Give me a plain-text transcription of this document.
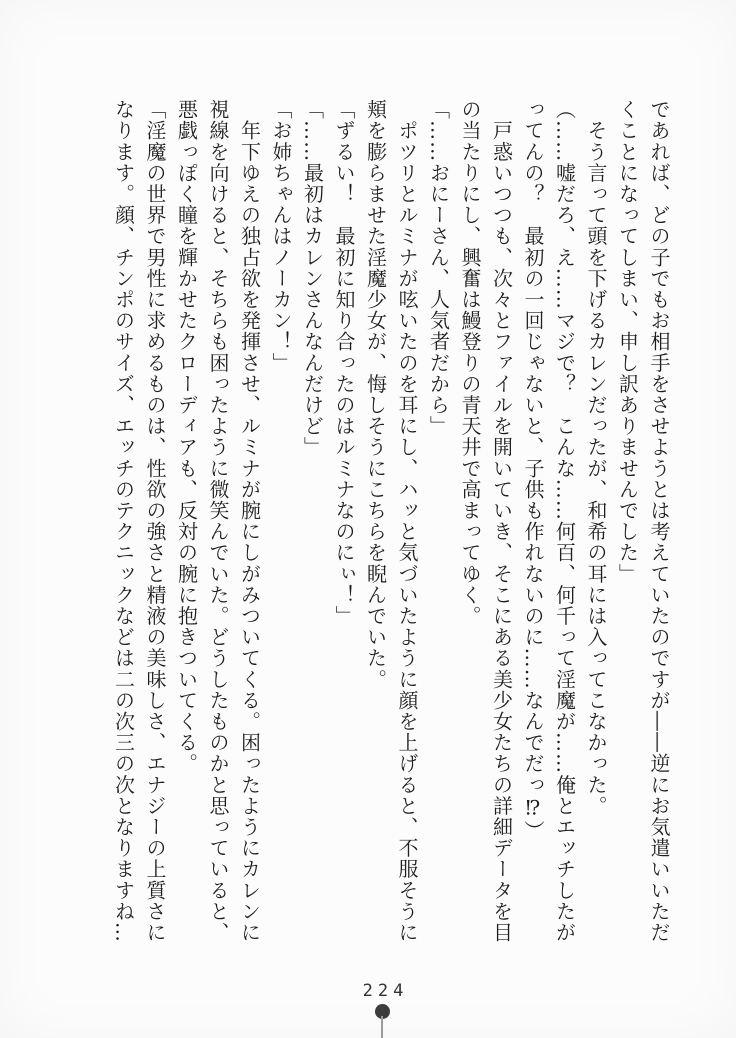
であれば、どの子でもお相手をさせようとは考えていたのですが――逆にお気遣いいただ

くことになってしまい、申し訳ありませんでした」

　そう言って頭を下げるカレンだったが、和希の耳には入ってこなかった。

（……嘘だろ、え……マジで？　こんな……何百、何千って淫魔が……俺とエッチしたが

ってんの？　最初の一回じゃないと、子供も作れないのに……なんでだっ⁉）

　戸惑いつつも、次々とファイルを開いていき、そこにある美少女たちの詳細データを目

の当たりにし、興奮は鰻登りの青天井で高まってゆく。

「……おにーさん、人気者だから」

　ポツリとルミナが呟いたのを耳にし、ハッと気づいたように顔を上げると、不服そうに

頬を膨らませた淫魔少女が、悔しそうにこちらを睨んでいた。

「ずるい！　最初に知り合ったのはルミナなのにぃ！」

「……最初はカレンさんなんだけど」

「お姉ちゃんはノーカン！」

　年下ゆえの独占欲を発揮させ、ルミナが腕にしがみついてくる。困ったようにカレンに

視線を向けると、そちらも困ったように微笑んでいた。どうしたものかと思っていると、

悪戯っぽく瞳を輝かせたクローディアも、反対の腕に抱きついてくる。

「淫魔の世界で男性に求めるものは、性欲の強さと精液の美味しさ、エナジーの上質さに

なります。顔、チンポのサイズ、エッチのテクニックなどは二の次三の次となりますね…

224
